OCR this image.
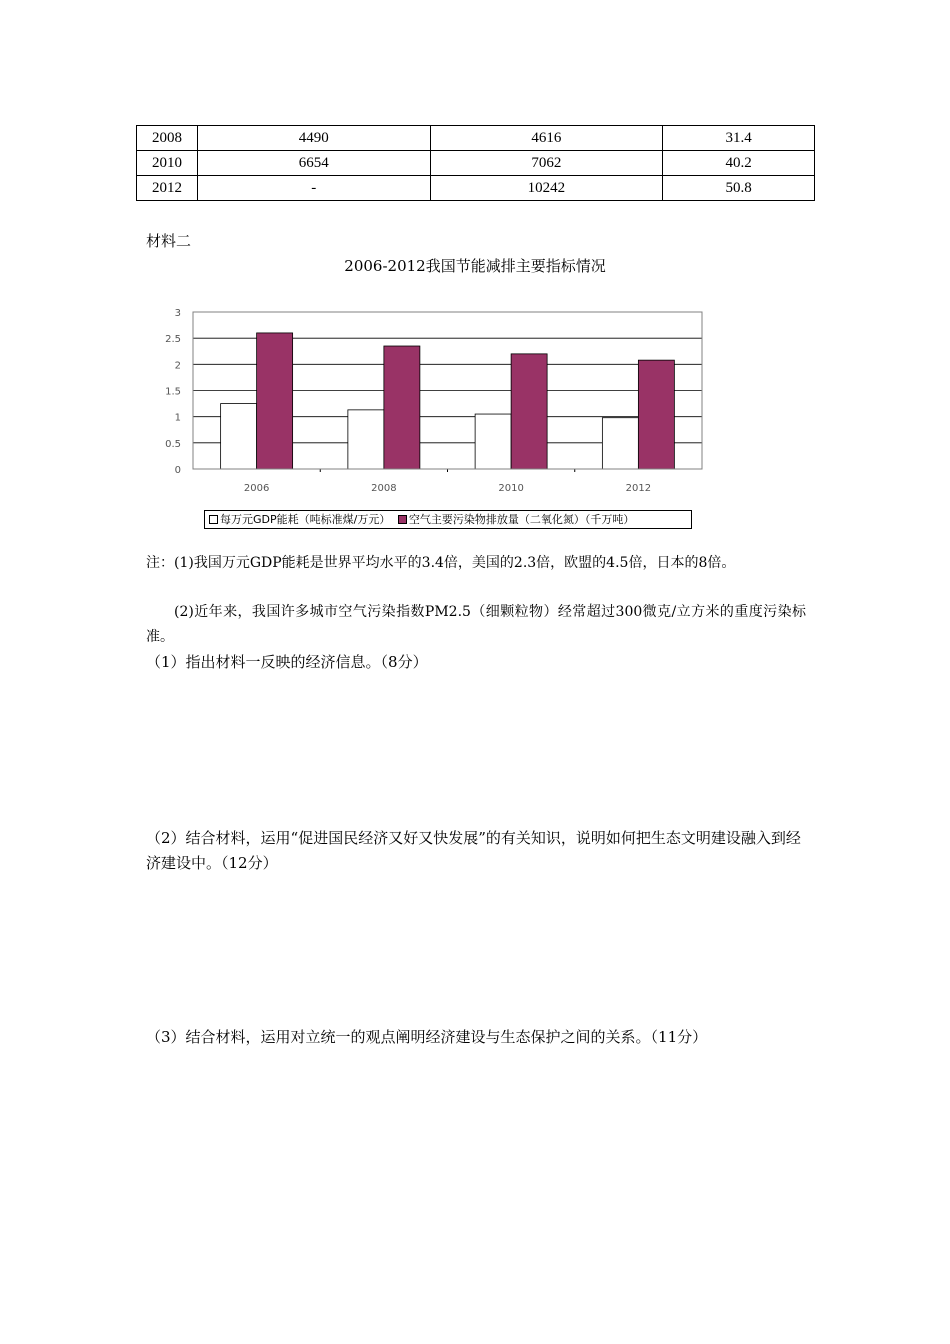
2008	4490	4616	31.4
2010	6654	7062	40.2
2012	-	10242	50.8
材料二
2006-2012我国节能减排主要指标情况
0
0.5
1
1.5
2
2.5
3
2006	2008	2010	2012
每万元GDP能耗（吨标准煤/万元） 空气主要污染物排放量（二氧化氮）（千万吨）
注：(1)我国万元GDP能耗是世界平均水平的3.4倍，美国的2.3倍，欧盟的4.5倍，日本的8倍。
(2)近年来，我国许多城市空气污染指数PM2.5（细颗粒物）经常超过300微克/立方米的重度污染标准。
（1）指出材料一反映的经济信息。（8分）
（2）结合材料，运用“促进国民经济又好又快发展”的有关知识，说明如何把生态文明建设融入到经济建设中。（12分）
（3）结合材料，运用对立统一的观点阐明经济建设与生态保护之间的关系。（11分）
